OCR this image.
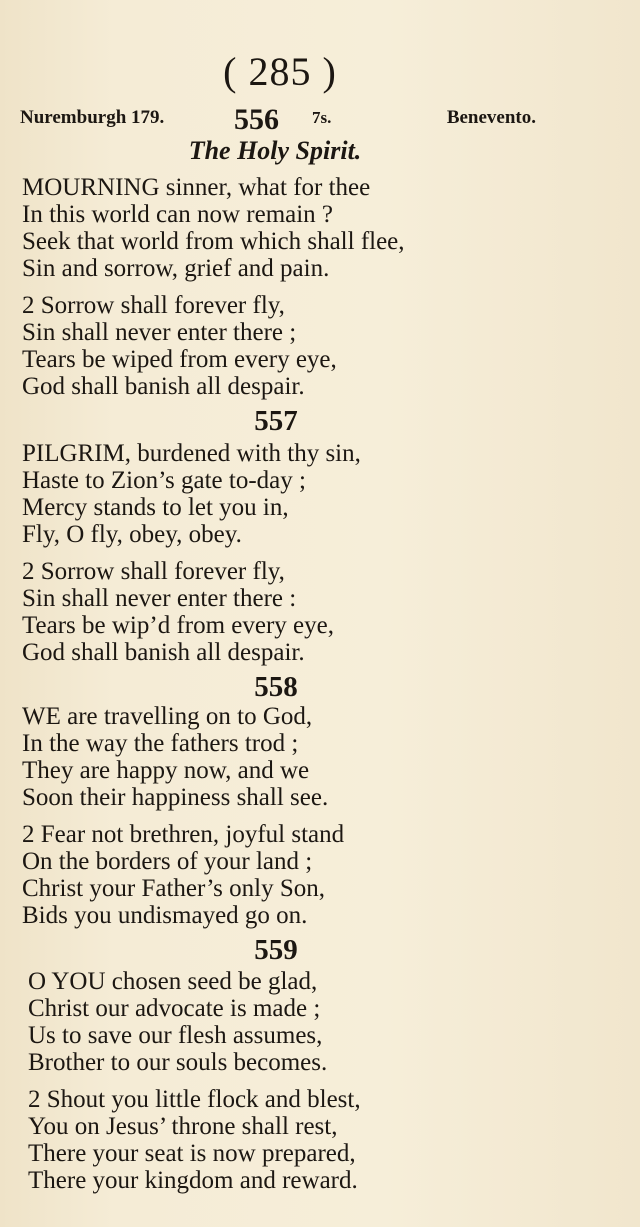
( 285 )
Nuremburgh 179. 556 7s.	Benevento.
The Holy Spirit.
MOURNING sinner, what for thee
In this world can now remain ?
Seek that world from which shall flee,
Sin and sorrow, grief and pain.
2 Sorrow shall forever fly,
Sin shall never enter there ;
Tears be wiped from every eye,
God shall banish all despair.
557
PILGRIM, burdened with thy sin,
Haste to Zion’s gate to-day ;
Mercy stands to let you in,
Fly, O fly, obey, obey.
2 Sorrow shall forever fly,
Sin shall never enter there :
Tears be wip’d from every eye,
God shall banish all despair.
558
WE are travelling on to God,
In the way the fathers trod ;
They are happy now, and we
Soon their happiness shall see.
2 Fear not brethren, joyful stand
On the borders of your land ;
Christ your Father’s only Son,
Bids you undismayed go on.
559
O YOU chosen seed be glad,
Christ our advocate is made ;
Us to save our flesh assumes,
Brother to our souls becomes.
2 Shout you little flock and blest,
You on Jesus’ throne shall rest,
There your seat is now prepared,
There your kingdom and reward.
